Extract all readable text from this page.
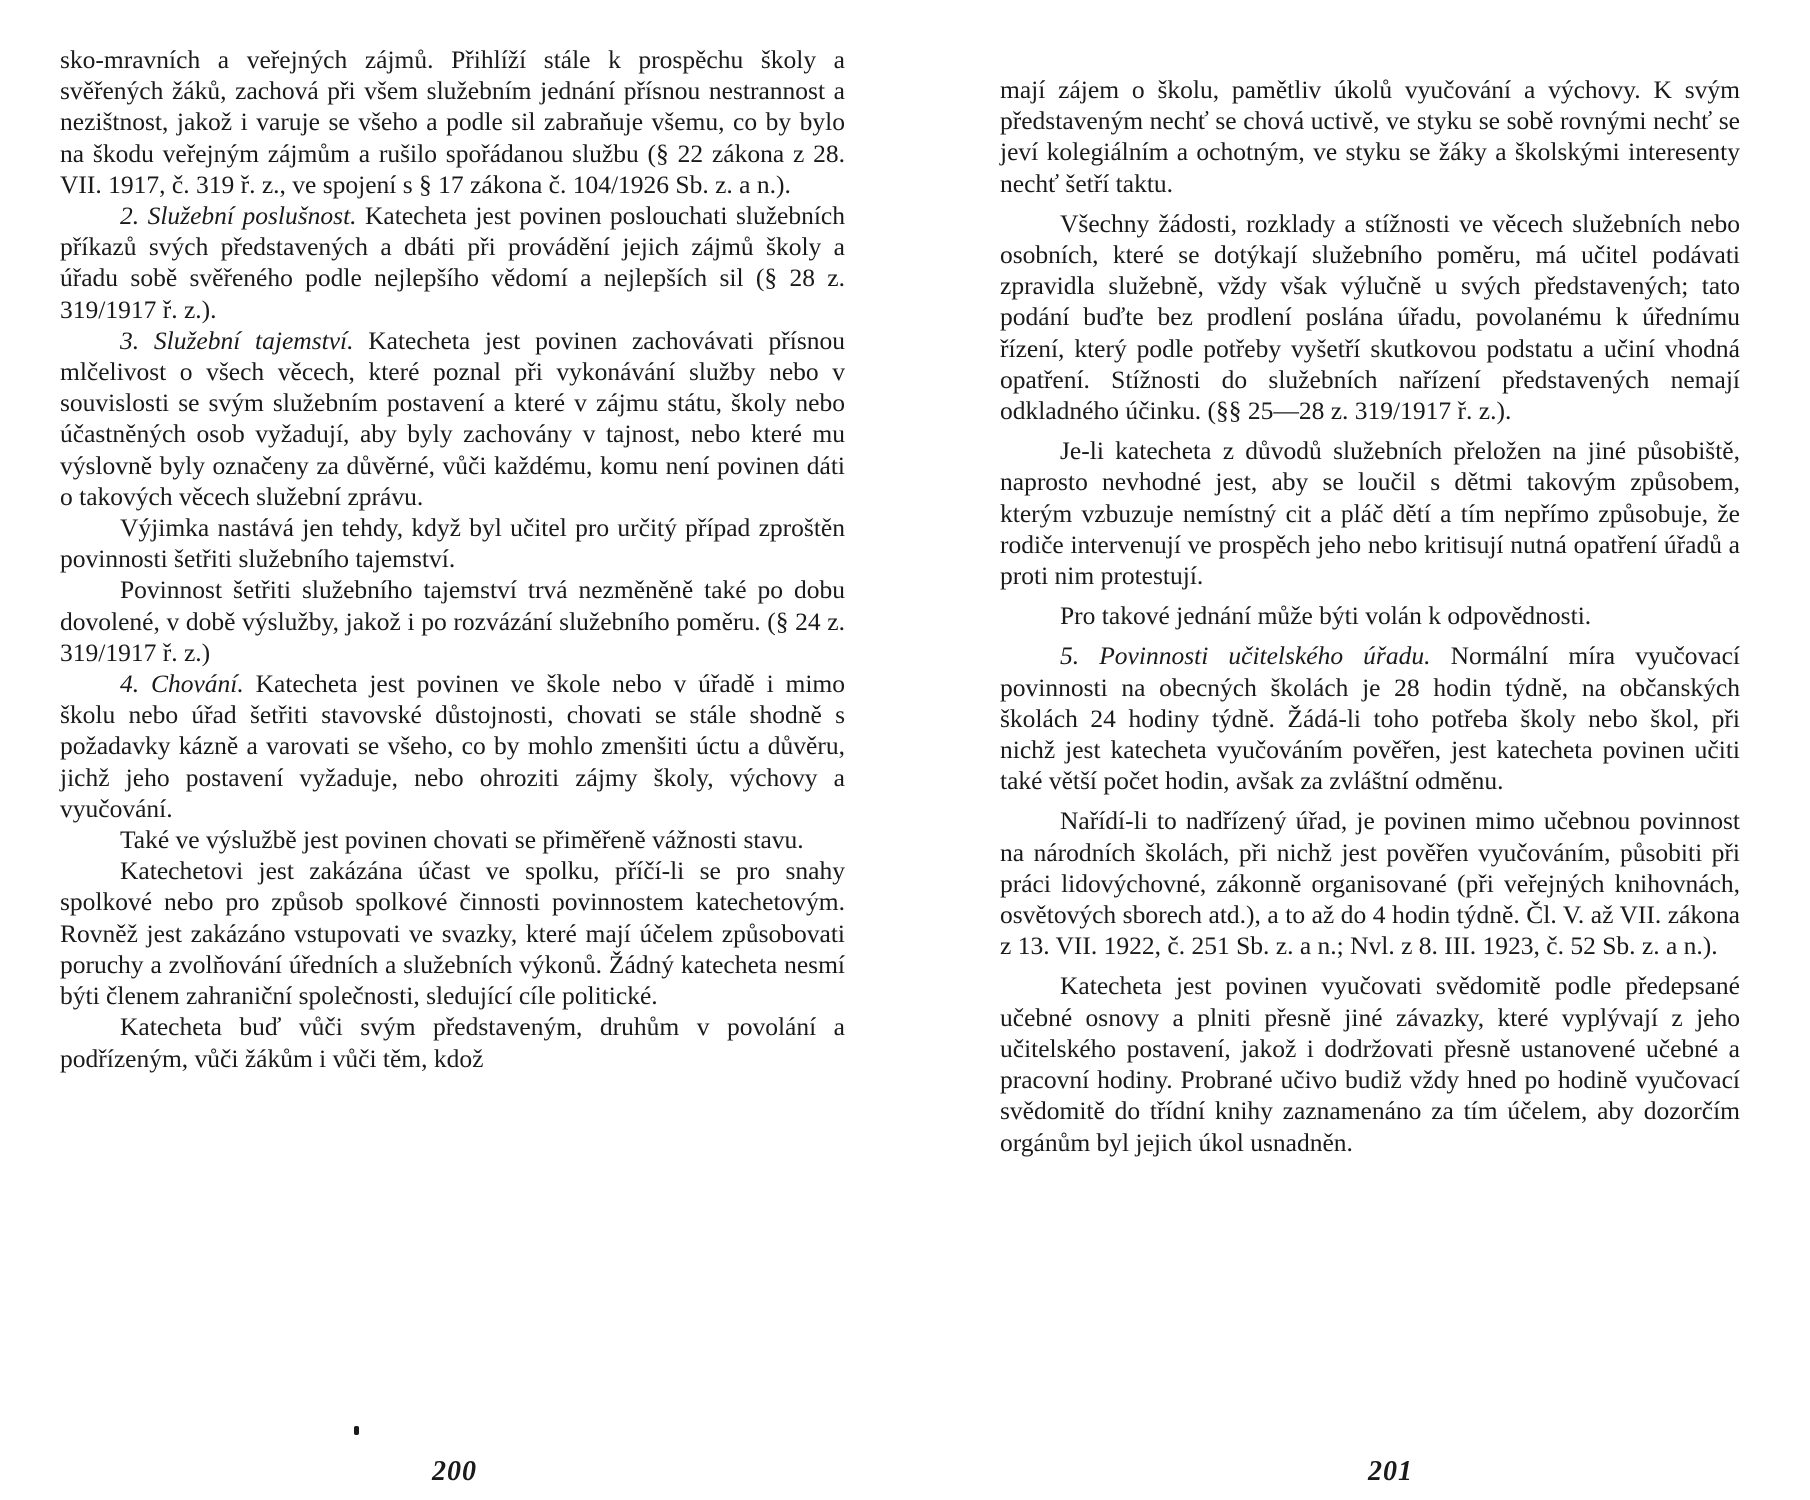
sko-mravních a veřejných zájmů. Přihlíží stále k prospěchu školy a svěřených žáků, zachová při všem služebním jednání přísnou nestrannost a nezištnost, jakož i varuje se všeho a podle sil zabraňuje všemu, co by bylo na škodu veřejným zájmům a rušilo spořádanou službu (§ 22 zákona z 28. VII. 1917, č. 319 ř. z., ve spojení s § 17 zákona č. 104/1926 Sb. z. a n.).

2. Služební poslušnost. Katecheta jest povinen poslouchati služebních příkazů svých představených a dbáti při provádění jejich zájmů školy a úřadu sobě svěřeného podle nejlepšího vědomí a nejlepších sil (§ 28 z. 319/1917 ř. z.).

3. Služební tajemství. Katecheta jest povinen zachovávati přísnou mlčelivost o všech věcech, které poznal při vykonávání služby nebo v souvislosti se svým služebním postavení a které v zájmu státu, školy nebo účastněných osob vyžadují, aby byly zachovány v tajnost, nebo které mu výslovně byly označeny za důvěrné, vůči každému, komu není povinen dáti o takových věcech služební zprávu.

Výjimka nastává jen tehdy, když byl učitel pro určitý případ zproštěn povinnosti šetřiti služebního tajemství.

Povinnost šetřiti služebního tajemství trvá nezměněně také po dobu dovolené, v době výslužby, jakož i po rozvázání služebního poměru. (§ 24 z. 319/1917 ř. z.)

4. Chování. Katecheta jest povinen ve škole nebo v úřadě i mimo školu nebo úřad šetřiti stavovské důstojnosti, chovati se stále shodně s požadavky kázně a varovati se všeho, co by mohlo zmenšiti úctu a důvěru, jichž jeho postavení vyžaduje, nebo ohroziti zájmy školy, výchovy a vyučování.

Také ve výslužbě jest povinen chovati se přiměřeně vážnosti stavu.

Katechetovi jest zakázána účast ve spolku, příčí-li se pro snahy spolkové nebo pro způsob spolkové činnosti povinnostem katechetovým. Rovněž jest zakázáno vstupovati ve svazky, které mají účelem způsobovati poruchy a zvolňování úředních a služebních výkonů. Žádný katecheta nesmí býti členem zahraniční společnosti, sledující cíle politické.

Katecheta buď vůči svým představeným, druhům v povolání a podřízeným, vůči žákům i vůči těm, kdož

200

mají zájem o školu, pamětliv úkolů vyučování a výchovy. K svým představeným nechť se chová uctivě, ve styku se sobě rovnými nechť se jeví kolegiálním a ochotným, ve styku se žáky a školskými interesenty nechť šetří taktu.

Všechny žádosti, rozklady a stížnosti ve věcech služebních nebo osobních, které se dotýkají služebního poměru, má učitel podávati zpravidla služebně, vždy však výlučně u svých představených; tato podání buďte bez prodlení poslána úřadu, povolanému k úřednímu řízení, který podle potřeby vyšetří skutkovou podstatu a učiní vhodná opatření. Stížnosti do služebních nařízení představených nemají odkladného účinku. (§§ 25—28 z. 319/1917 ř. z.).

Je-li katecheta z důvodů služebních přeložen na jiné působiště, naprosto nevhodné jest, aby se loučil s dětmi takovým způsobem, kterým vzbuzuje nemístný cit a pláč dětí a tím nepřímo způsobuje, že rodiče intervenují ve prospěch jeho nebo kritisují nutná opatření úřadů a proti nim protestují.

Pro takové jednání může býti volán k odpovědnosti.

5. Povinnosti učitelského úřadu. Normální míra vyučovací povinnosti na obecných školách je 28 hodin týdně, na občanských školách 24 hodiny týdně. Žádá-li toho potřeba školy nebo škol, při nichž jest katecheta vyučováním pověřen, jest katecheta povinen učiti také větší počet hodin, avšak za zvláštní odměnu.

Nařídí-li to nadřízený úřad, je povinen mimo učebnou povinnost na národních školách, při nichž jest pověřen vyučováním, působiti při práci lidovýchovné, zákonně organisované (při veřejných knihovnách, osvětových sborech atd.), a to až do 4 hodin týdně. Čl. V. až VII. zákona z 13. VII. 1922, č. 251 Sb. z. a n.; Nvl. z 8. III. 1923, č. 52 Sb. z. a n.).

Katecheta jest povinen vyučovati svědomitě podle předepsané učebné osnovy a plniti přesně jiné závazky, které vyplývají z jeho učitelského postavení, jakož i dodržovati přesně ustanovené učebné a pracovní hodiny. Probrané učivo budiž vždy hned po hodině vyučovací svědomitě do třídní knihy zaznamenáno za tím účelem, aby dozorčím orgánům byl jejich úkol usnadněn.

201
